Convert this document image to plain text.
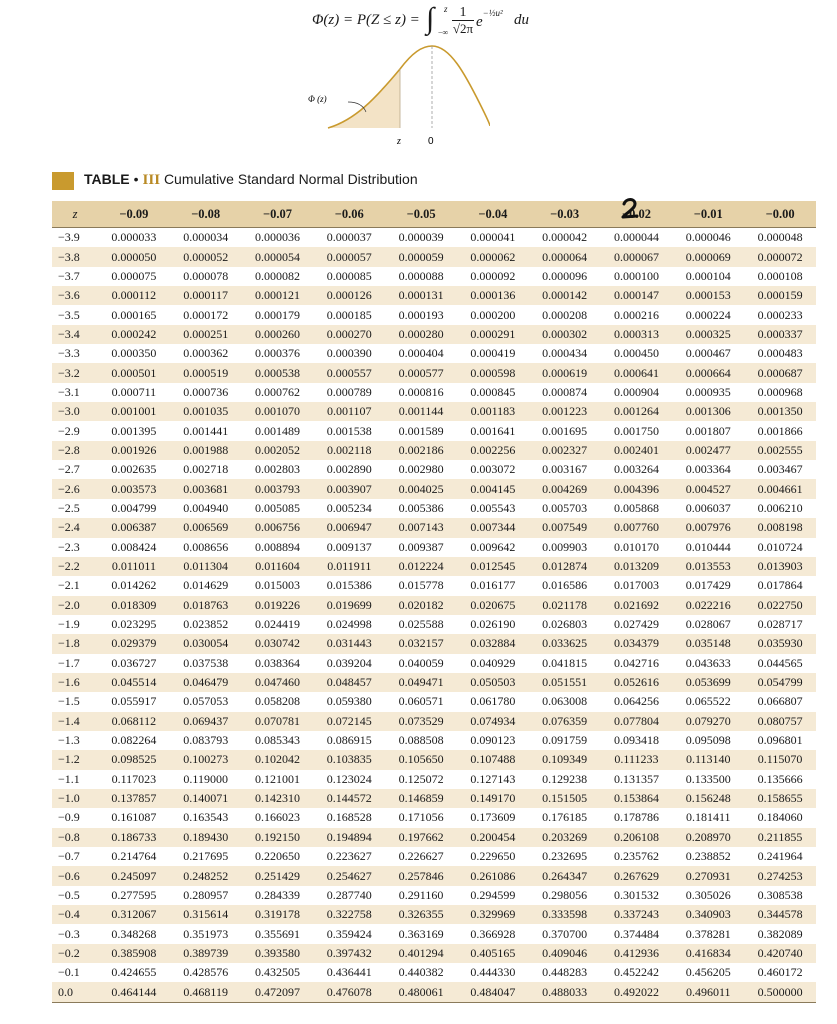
Φ(z) = P(Z ≤ z) = ∫ z
−∞ $\frac{1}{√2\pi} e^{-\frac{1}{2}u^2}$ du
Φ (z)
z	0
TABLE • III Cumulative Standard Normal Distribution
z	−0.09	−0.08	−0.07	−0.06	−0.05	−0.04	−0.03	−0.02	−0.01	−0.00
−3.9	0.000033	0.000034	0.000036	0.000037	0.000039	0.000041	0.000042	0.000044	0.000046	0.000048
−3.8	0.000050	0.000052	0.000054	0.000057	0.000059	0.000062	0.000064	0.000067	0.000069	0.000072
−3.7	0.000075	0.000078	0.000082	0.000085	0.000088	0.000092	0.000096	0.000100	0.000104	0.000108
−3.6	0.000112	0.000117	0.000121	0.000126	0.000131	0.000136	0.000142	0.000147	0.000153	0.000159
−3.5	0.000165	0.000172	0.000179	0.000185	0.000193	0.000200	0.000208	0.000216	0.000224	0.000233
−3.4	0.000242	0.000251	0.000260	0.000270	0.000280	0.000291	0.000302	0.000313	0.000325	0.000337
−3.3	0.000350	0.000362	0.000376	0.000390	0.000404	0.000419	0.000434	0.000450	0.000467	0.000483
−3.2	0.000501	0.000519	0.000538	0.000557	0.000577	0.000598	0.000619	0.000641	0.000664	0.000687
−3.1	0.000711	0.000736	0.000762	0.000789	0.000816	0.000845	0.000874	0.000904	0.000935	0.000968
−3.0	0.001001	0.001035	0.001070	0.001107	0.001144	0.001183	0.001223	0.001264	0.001306	0.001350
−2.9	0.001395	0.001441	0.001489	0.001538	0.001589	0.001641	0.001695	0.001750	0.001807	0.001866
−2.8	0.001926	0.001988	0.002052	0.002118	0.002186	0.002256	0.002327	0.002401	0.002477	0.002555
−2.7	0.002635	0.002718	0.002803	0.002890	0.002980	0.003072	0.003167	0.003264	0.003364	0.003467
−2.6	0.003573	0.003681	0.003793	0.003907	0.004025	0.004145	0.004269	0.004396	0.004527	0.004661
−2.5	0.004799	0.004940	0.005085	0.005234	0.005386	0.005543	0.005703	0.005868	0.006037	0.006210
−2.4	0.006387	0.006569	0.006756	0.006947	0.007143	0.007344	0.007549	0.007760	0.007976	0.008198
−2.3	0.008424	0.008656	0.008894	0.009137	0.009387	0.009642	0.009903	0.010170	0.010444	0.010724
−2.2	0.011011	0.011304	0.011604	0.011911	0.012224	0.012545	0.012874	0.013209	0.013553	0.013903
−2.1	0.014262	0.014629	0.015003	0.015386	0.015778	0.016177	0.016586	0.017003	0.017429	0.017864
−2.0	0.018309	0.018763	0.019226	0.019699	0.020182	0.020675	0.021178	0.021692	0.022216	0.022750
−1.9	0.023295	0.023852	0.024419	0.024998	0.025588	0.026190	0.026803	0.027429	0.028067	0.028717
−1.8	0.029379	0.030054	0.030742	0.031443	0.032157	0.032884	0.033625	0.034379	0.035148	0.035930
−1.7	0.036727	0.037538	0.038364	0.039204	0.040059	0.040929	0.041815	0.042716	0.043633	0.044565
−1.6	0.045514	0.046479	0.047460	0.048457	0.049471	0.050503	0.051551	0.052616	0.053699	0.054799
−1.5	0.055917	0.057053	0.058208	0.059380	0.060571	0.061780	0.063008	0.064256	0.065522	0.066807
−1.4	0.068112	0.069437	0.070781	0.072145	0.073529	0.074934	0.076359	0.077804	0.079270	0.080757
−1.3	0.082264	0.083793	0.085343	0.086915	0.088508	0.090123	0.091759	0.093418	0.095098	0.096801
−1.2	0.098525	0.100273	0.102042	0.103835	0.105650	0.107488	0.109349	0.111233	0.113140	0.115070
−1.1	0.117023	0.119000	0.121001	0.123024	0.125072	0.127143	0.129238	0.131357	0.133500	0.135666
−1.0	0.137857	0.140071	0.142310	0.144572	0.146859	0.149170	0.151505	0.153864	0.156248	0.158655
−0.9	0.161087	0.163543	0.166023	0.168528	0.171056	0.173609	0.176185	0.178786	0.181411	0.184060
−0.8	0.186733	0.189430	0.192150	0.194894	0.197662	0.200454	0.203269	0.206108	0.208970	0.211855
−0.7	0.214764	0.217695	0.220650	0.223627	0.226627	0.229650	0.232695	0.235762	0.238852	0.241964
−0.6	0.245097	0.248252	0.251429	0.254627	0.257846	0.261086	0.264347	0.267629	0.270931	0.274253
−0.5	0.277595	0.280957	0.284339	0.287740	0.291160	0.294599	0.298056	0.301532	0.305026	0.308538
−0.4	0.312067	0.315614	0.319178	0.322758	0.326355	0.329969	0.333598	0.337243	0.340903	0.344578
−0.3	0.348268	0.351973	0.355691	0.359424	0.363169	0.366928	0.370700	0.374484	0.378281	0.382089
−0.2	0.385908	0.389739	0.393580	0.397432	0.401294	0.405165	0.409046	0.412936	0.416834	0.420740
−0.1	0.424655	0.428576	0.432505	0.436441	0.440382	0.444330	0.448283	0.452242	0.456205	0.460172
0.0	0.464144	0.468119	0.472097	0.476078	0.480061	0.484047	0.488033	0.492022	0.496011	0.500000
